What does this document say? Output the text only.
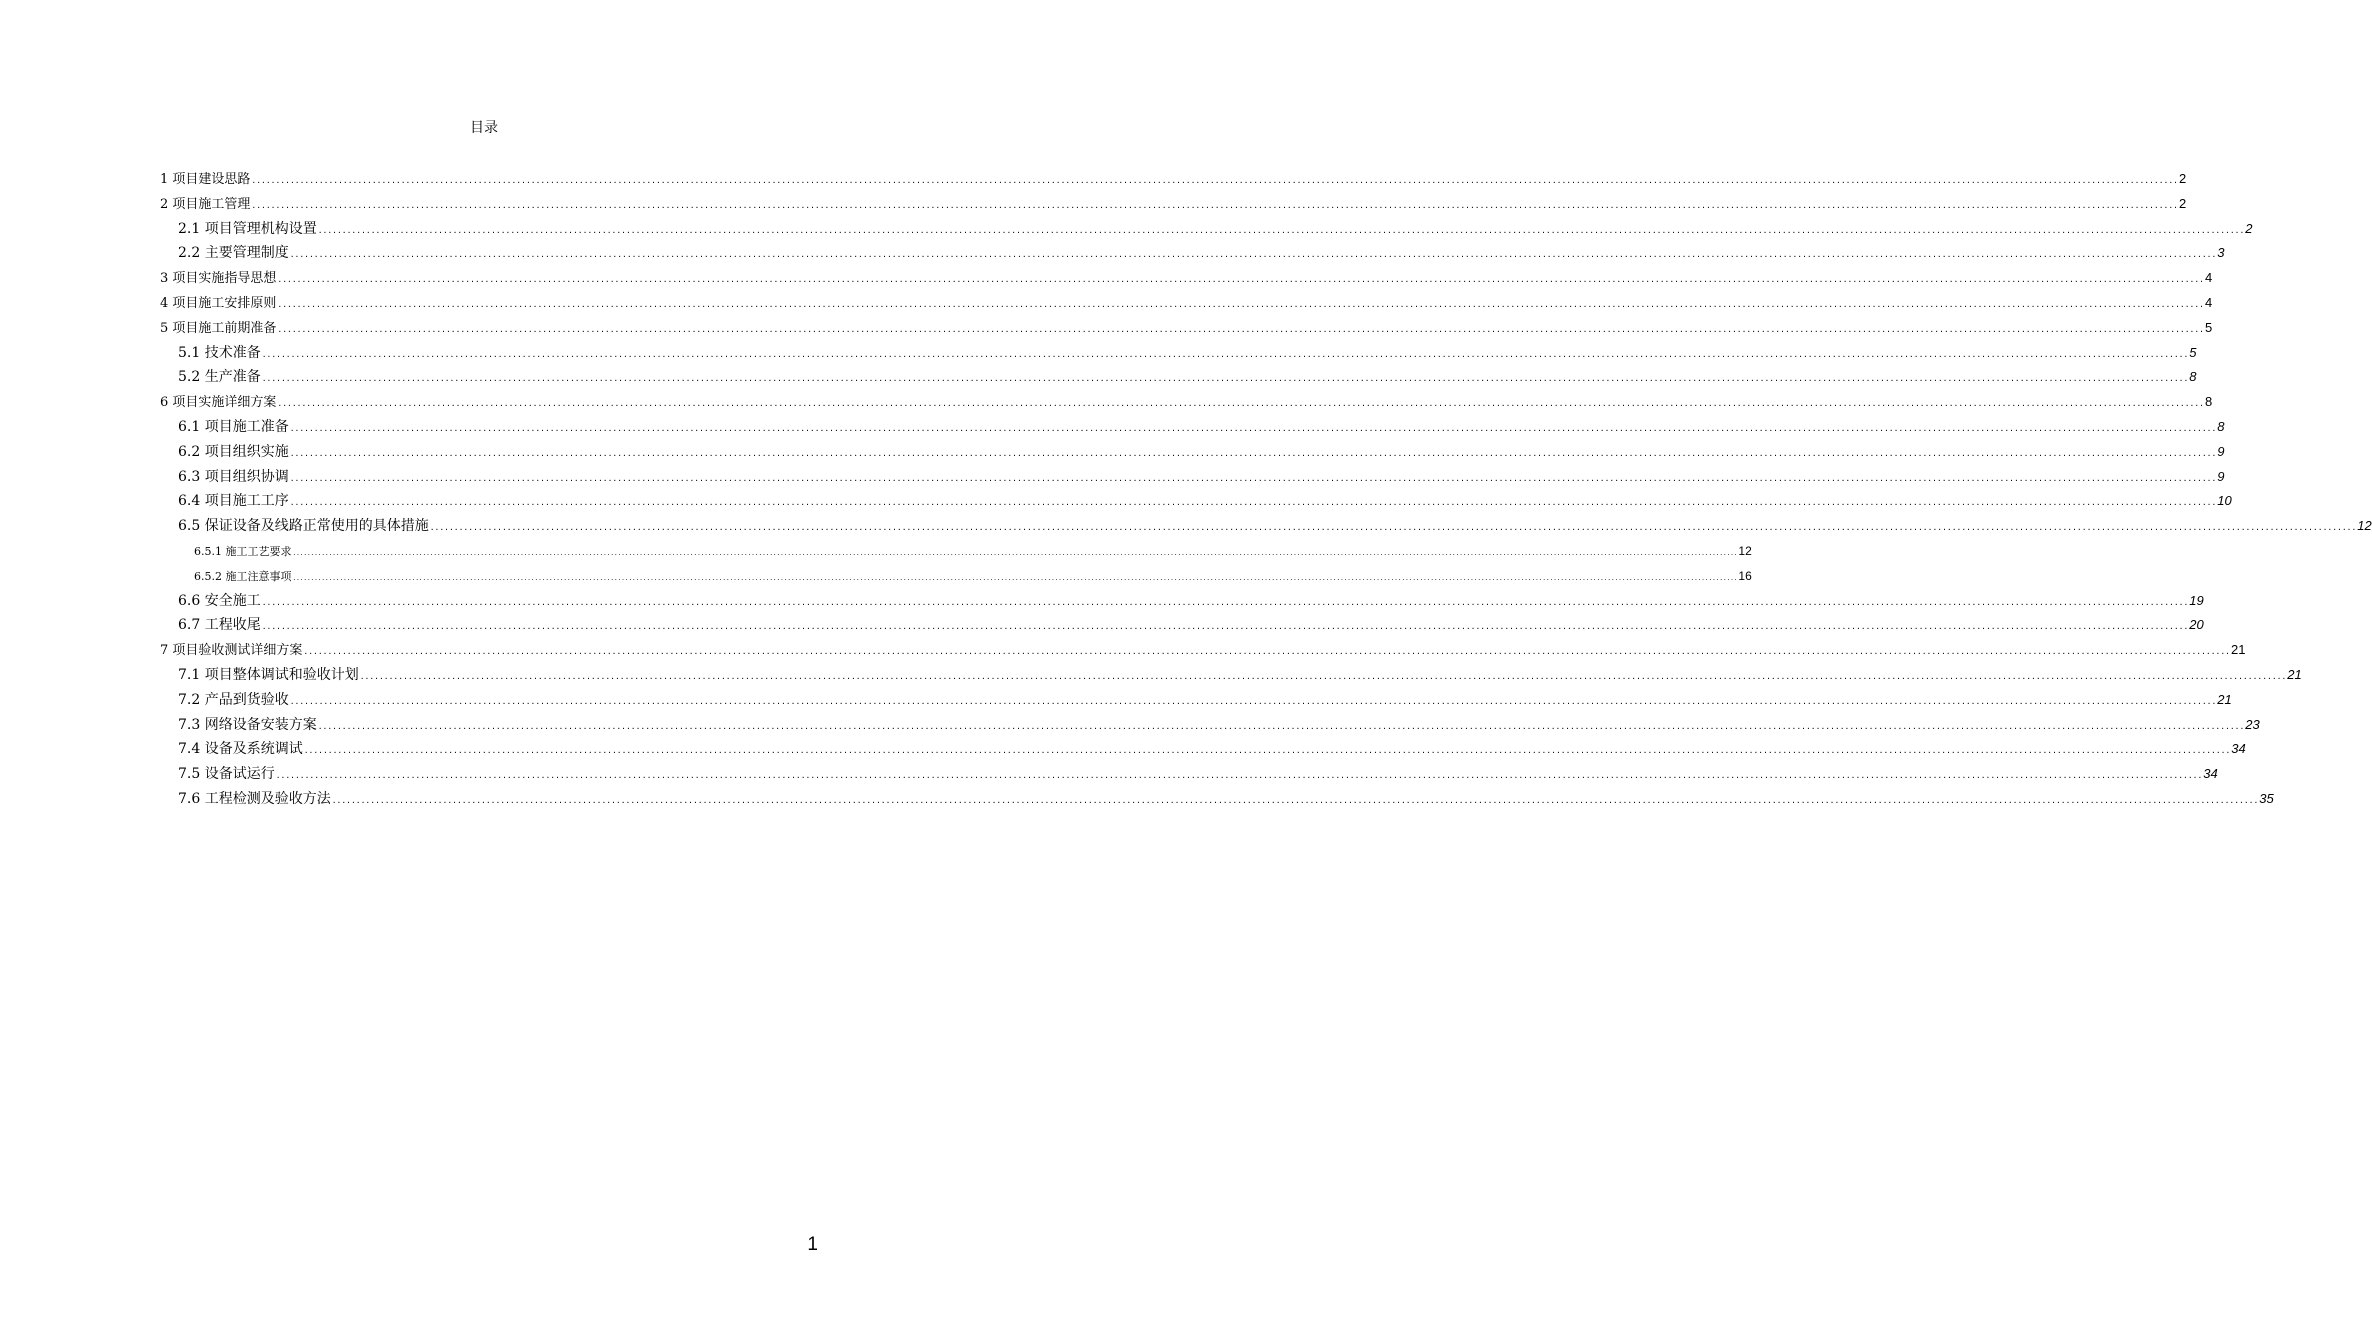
目录
1 项目建设思路 ................................................................................................................................................................................................................................................................................................................................................................................................................ 2
2 项目施工管理 ................................................................................................................................................................................................................................................................................................................................................................................................................ 2
2.1 项目管理机构设置 ................................................................................................................................................................................................................................................................................................................................................................................................................ 2
2.2 主要管理制度 ................................................................................................................................................................................................................................................................................................................................................................................................................ 3
3 项目实施指导思想 ................................................................................................................................................................................................................................................................................................................................................................................................................ 4
4 项目施工安排原则 ................................................................................................................................................................................................................................................................................................................................................................................................................ 4
5 项目施工前期准备 ................................................................................................................................................................................................................................................................................................................................................................................................................ 5
5.1 技术准备 ................................................................................................................................................................................................................................................................................................................................................................................................................ 5
5.2 生产准备 ................................................................................................................................................................................................................................................................................................................................................................................................................ 8
6 项目实施详细方案 ................................................................................................................................................................................................................................................................................................................................................................................................................ 8
6.1 项目施工准备 ................................................................................................................................................................................................................................................................................................................................................................................................................ 8
6.2 项目组织实施 ................................................................................................................................................................................................................................................................................................................................................................................................................ 9
6.3 项目组织协调 ................................................................................................................................................................................................................................................................................................................................................................................................................ 9
6.4 项目施工工序 ................................................................................................................................................................................................................................................................................................................................................................................................................ 10
6.5 保证设备及线路正常使用的具体措施 ................................................................................................................................................................................................................................................................................................................................................................................................................ 12
6.5.1 施工工艺要求 ................................................................................................................................................................................................................................................................................................................................................................................................................ 12
6.5.2 施工注意事项 ................................................................................................................................................................................................................................................................................................................................................................................................................ 16
6.6 安全施工 ................................................................................................................................................................................................................................................................................................................................................................................................................ 19
6.7 工程收尾 ................................................................................................................................................................................................................................................................................................................................................................................................................ 20
7 项目验收测试详细方案 ................................................................................................................................................................................................................................................................................................................................................................................................................ 21
7.1 项目整体调试和验收计划 ................................................................................................................................................................................................................................................................................................................................................................................................................ 21
7.2 产品到货验收 ................................................................................................................................................................................................................................................................................................................................................................................................................ 21
7.3 网络设备安装方案 ................................................................................................................................................................................................................................................................................................................................................................................................................ 23
7.4 设备及系统调试 ................................................................................................................................................................................................................................................................................................................................................................................................................ 34
7.5 设备试运行 ................................................................................................................................................................................................................................................................................................................................................................................................................ 34
7.6 工程检测及验收方法 ................................................................................................................................................................................................................................................................................................................................................................................................................ 35
1
